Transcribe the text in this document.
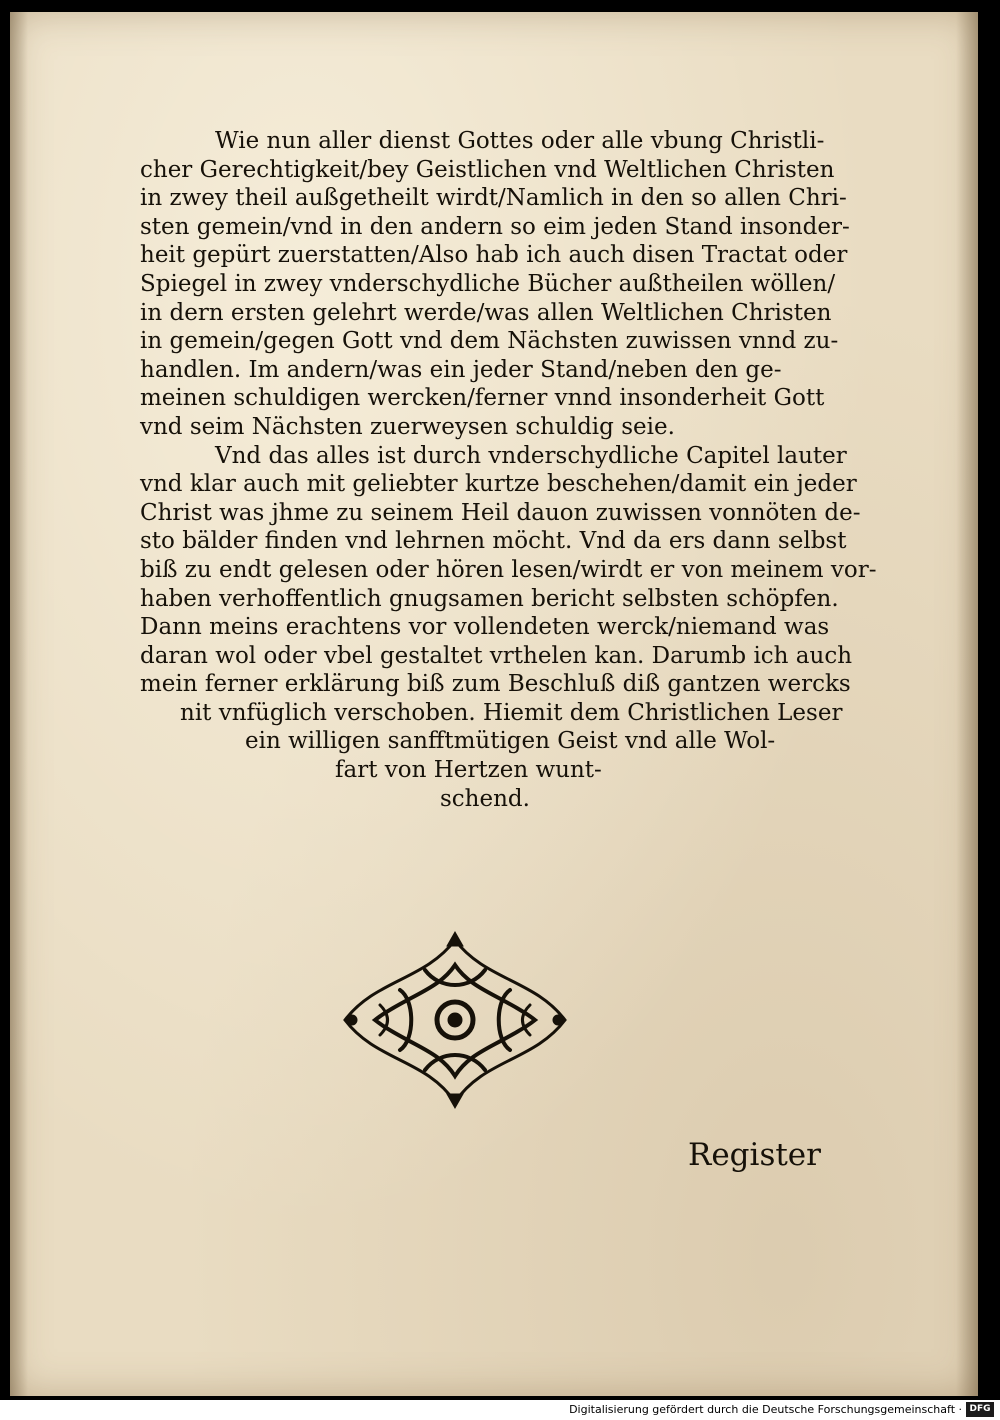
Wie nun aller dienst Gottes oder alle vbung Christli-
cher Gerechtigkeit/bey Geistlichen vnd Weltlichen Christen
in zwey theil außgetheilt wirdt/Namlich in den so allen Chri-
sten gemein/vnd in den andern so eim jeden Stand insonder-
heit gepürt zuerstatten/Also hab ich auch disen Tractat oder
Spiegel in zwey vnderschydliche Bücher außtheilen wöllen/
in dern ersten gelehrt werde/was allen Weltlichen Christen
in gemein/gegen Gott vnd dem Nächsten zuwissen vnnd zu-
handlen. Im andern/was ein jeder Stand/neben den ge-
meinen schuldigen wercken/ferner vnnd insonderheit Gott
vnd seim Nächsten zuerweysen schuldig seie.
Vnd das alles ist durch vnderschydliche Capitel lauter
vnd klar auch mit geliebter kurtze beschehen/damit ein jeder
Christ was jhme zu seinem Heil dauon zuwissen vonnöten de-
sto bälder finden vnd lehrnen möcht. Vnd da ers dann selbst
biß zu endt gelesen oder hören lesen/wirdt er von meinem vor-
haben verhoffentlich gnugsamen bericht selbsten schöpfen.
Dann meins erachtens vor vollendeten werck/niemand was
daran wol oder vbel gestaltet vrthelen kan. Darumb ich auch
mein ferner erklärung biß zum Beschluß diß gantzen wercks
nit vnfüglich verschoben. Hiemit dem Christlichen Leser
ein willigen sanfftmütigen Geist vnd alle Wol-
fart von Hertzen wunt-
schend.
Register
Digitalisierung gefördert durch die Deutsche Forschungsgemeinschaft · DFG
